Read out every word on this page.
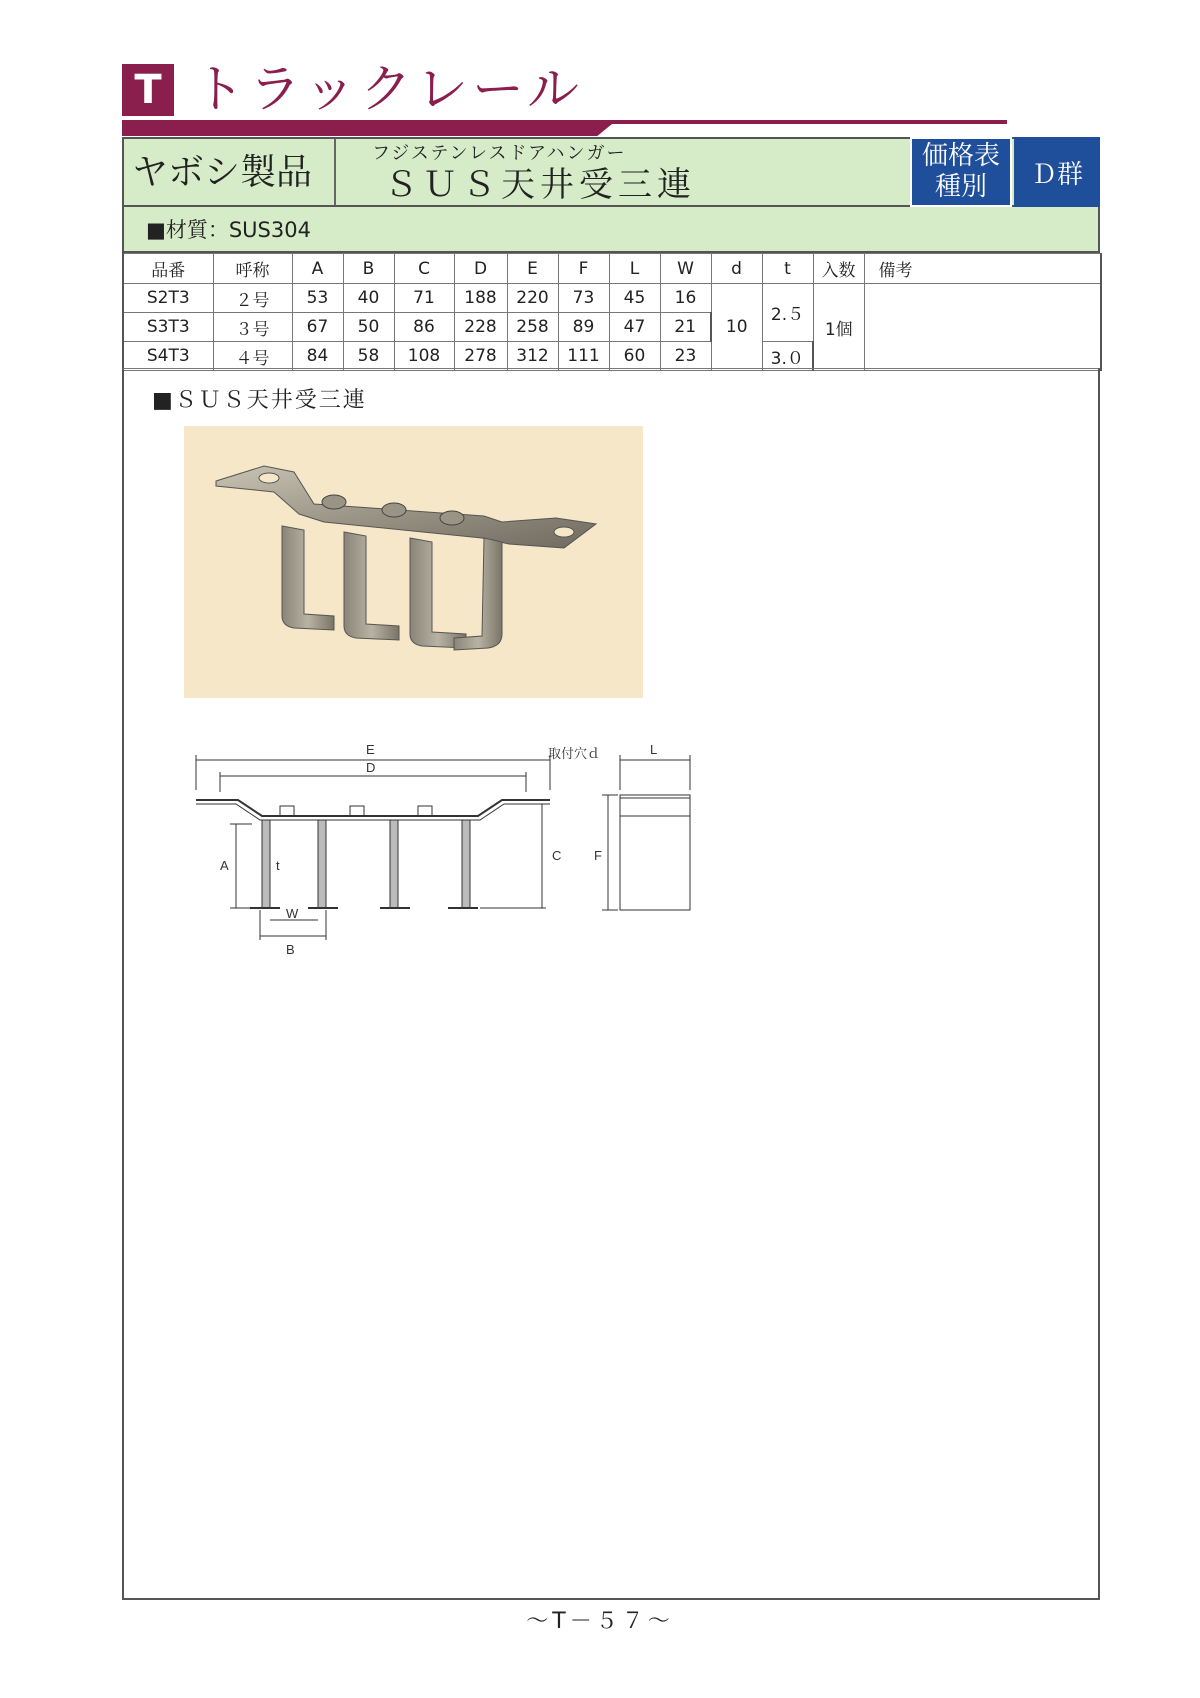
T トラックレール
ヤボシ製品	フジステンレスドアハンガー
ＳＵＳ天井受三連
価格表
種別	Ｄ群
■材質：SUS304
品番	呼称	A	B	C	D	E	F	L	W	d	t	入数	備考
S2T3	２号	53	40	71	188	220	73	45	16	10	2.５	1個	
S3T3	３号	67	50	86	228	258	89	47	21				
S4T3	４号	84	58	108	278	312	111	60	23		3.０		
■ＳＵＳ天井受三連
E
D
A	t
W
B
C	F
L
取付穴ｄ
～T－５７～
